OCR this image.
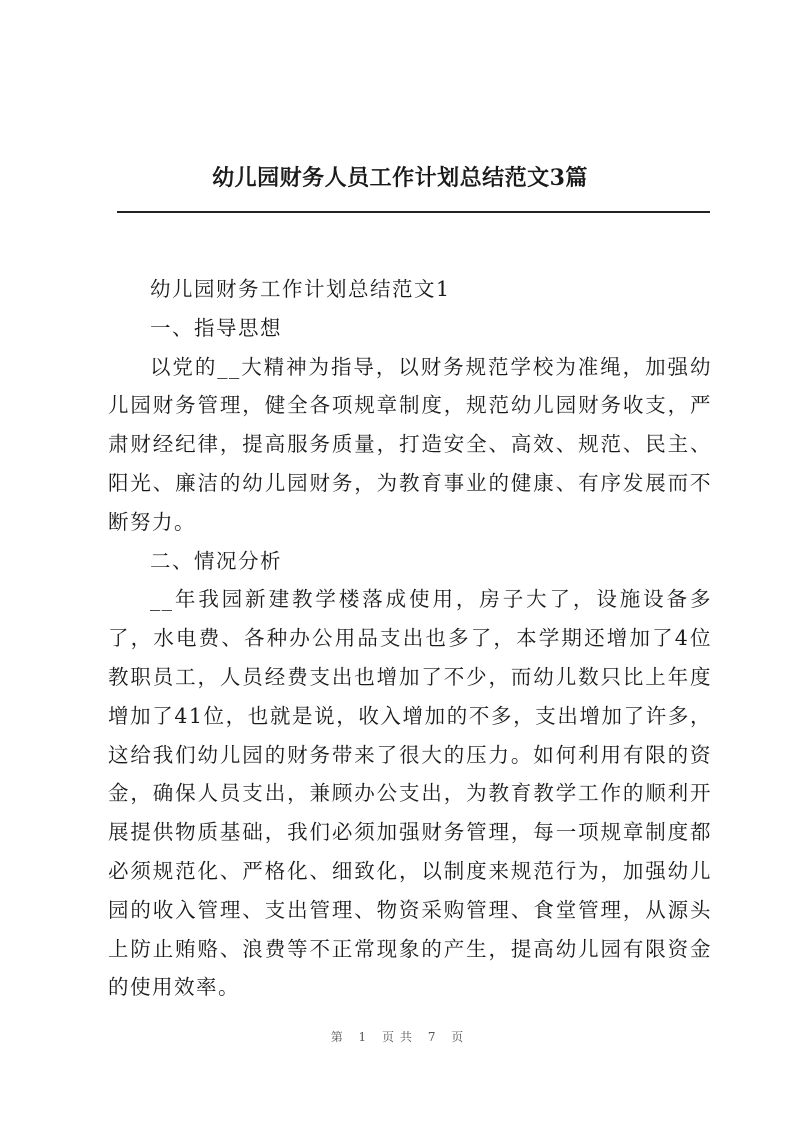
幼儿园财务人员工作计划总结范文3篇

幼儿园财务工作计划总结范文1

一、指导思想

以党的__大精神为指导，以财务规范学校为准绳，加强幼儿园财务管理，健全各项规章制度，规范幼儿园财务收支，严肃财经纪律，提高服务质量，打造安全、高效、规范、民主、阳光、廉洁的幼儿园财务，为教育事业的健康、有序发展而不断努力。

二、情况分析

__年我园新建教学楼落成使用，房子大了，设施设备多了，水电费、各种办公用品支出也多了，本学期还增加了4位教职员工，人员经费支出也增加了不少，而幼儿数只比上年度增加了41位，也就是说，收入增加的不多，支出增加了许多，这给我们幼儿园的财务带来了很大的压力。如何利用有限的资金，确保人员支出，兼顾办公支出，为教育教学工作的顺利开展提供物质基础，我们必须加强财务管理，每一项规章制度都必须规范化、严格化、细致化，以制度来规范行为，加强幼儿园的收入管理、支出管理、物资采购管理、食堂管理，从源头上防止贿赂、浪费等不正常现象的产生，提高幼儿园有限资金的使用效率。

第 1 页共 7 页
